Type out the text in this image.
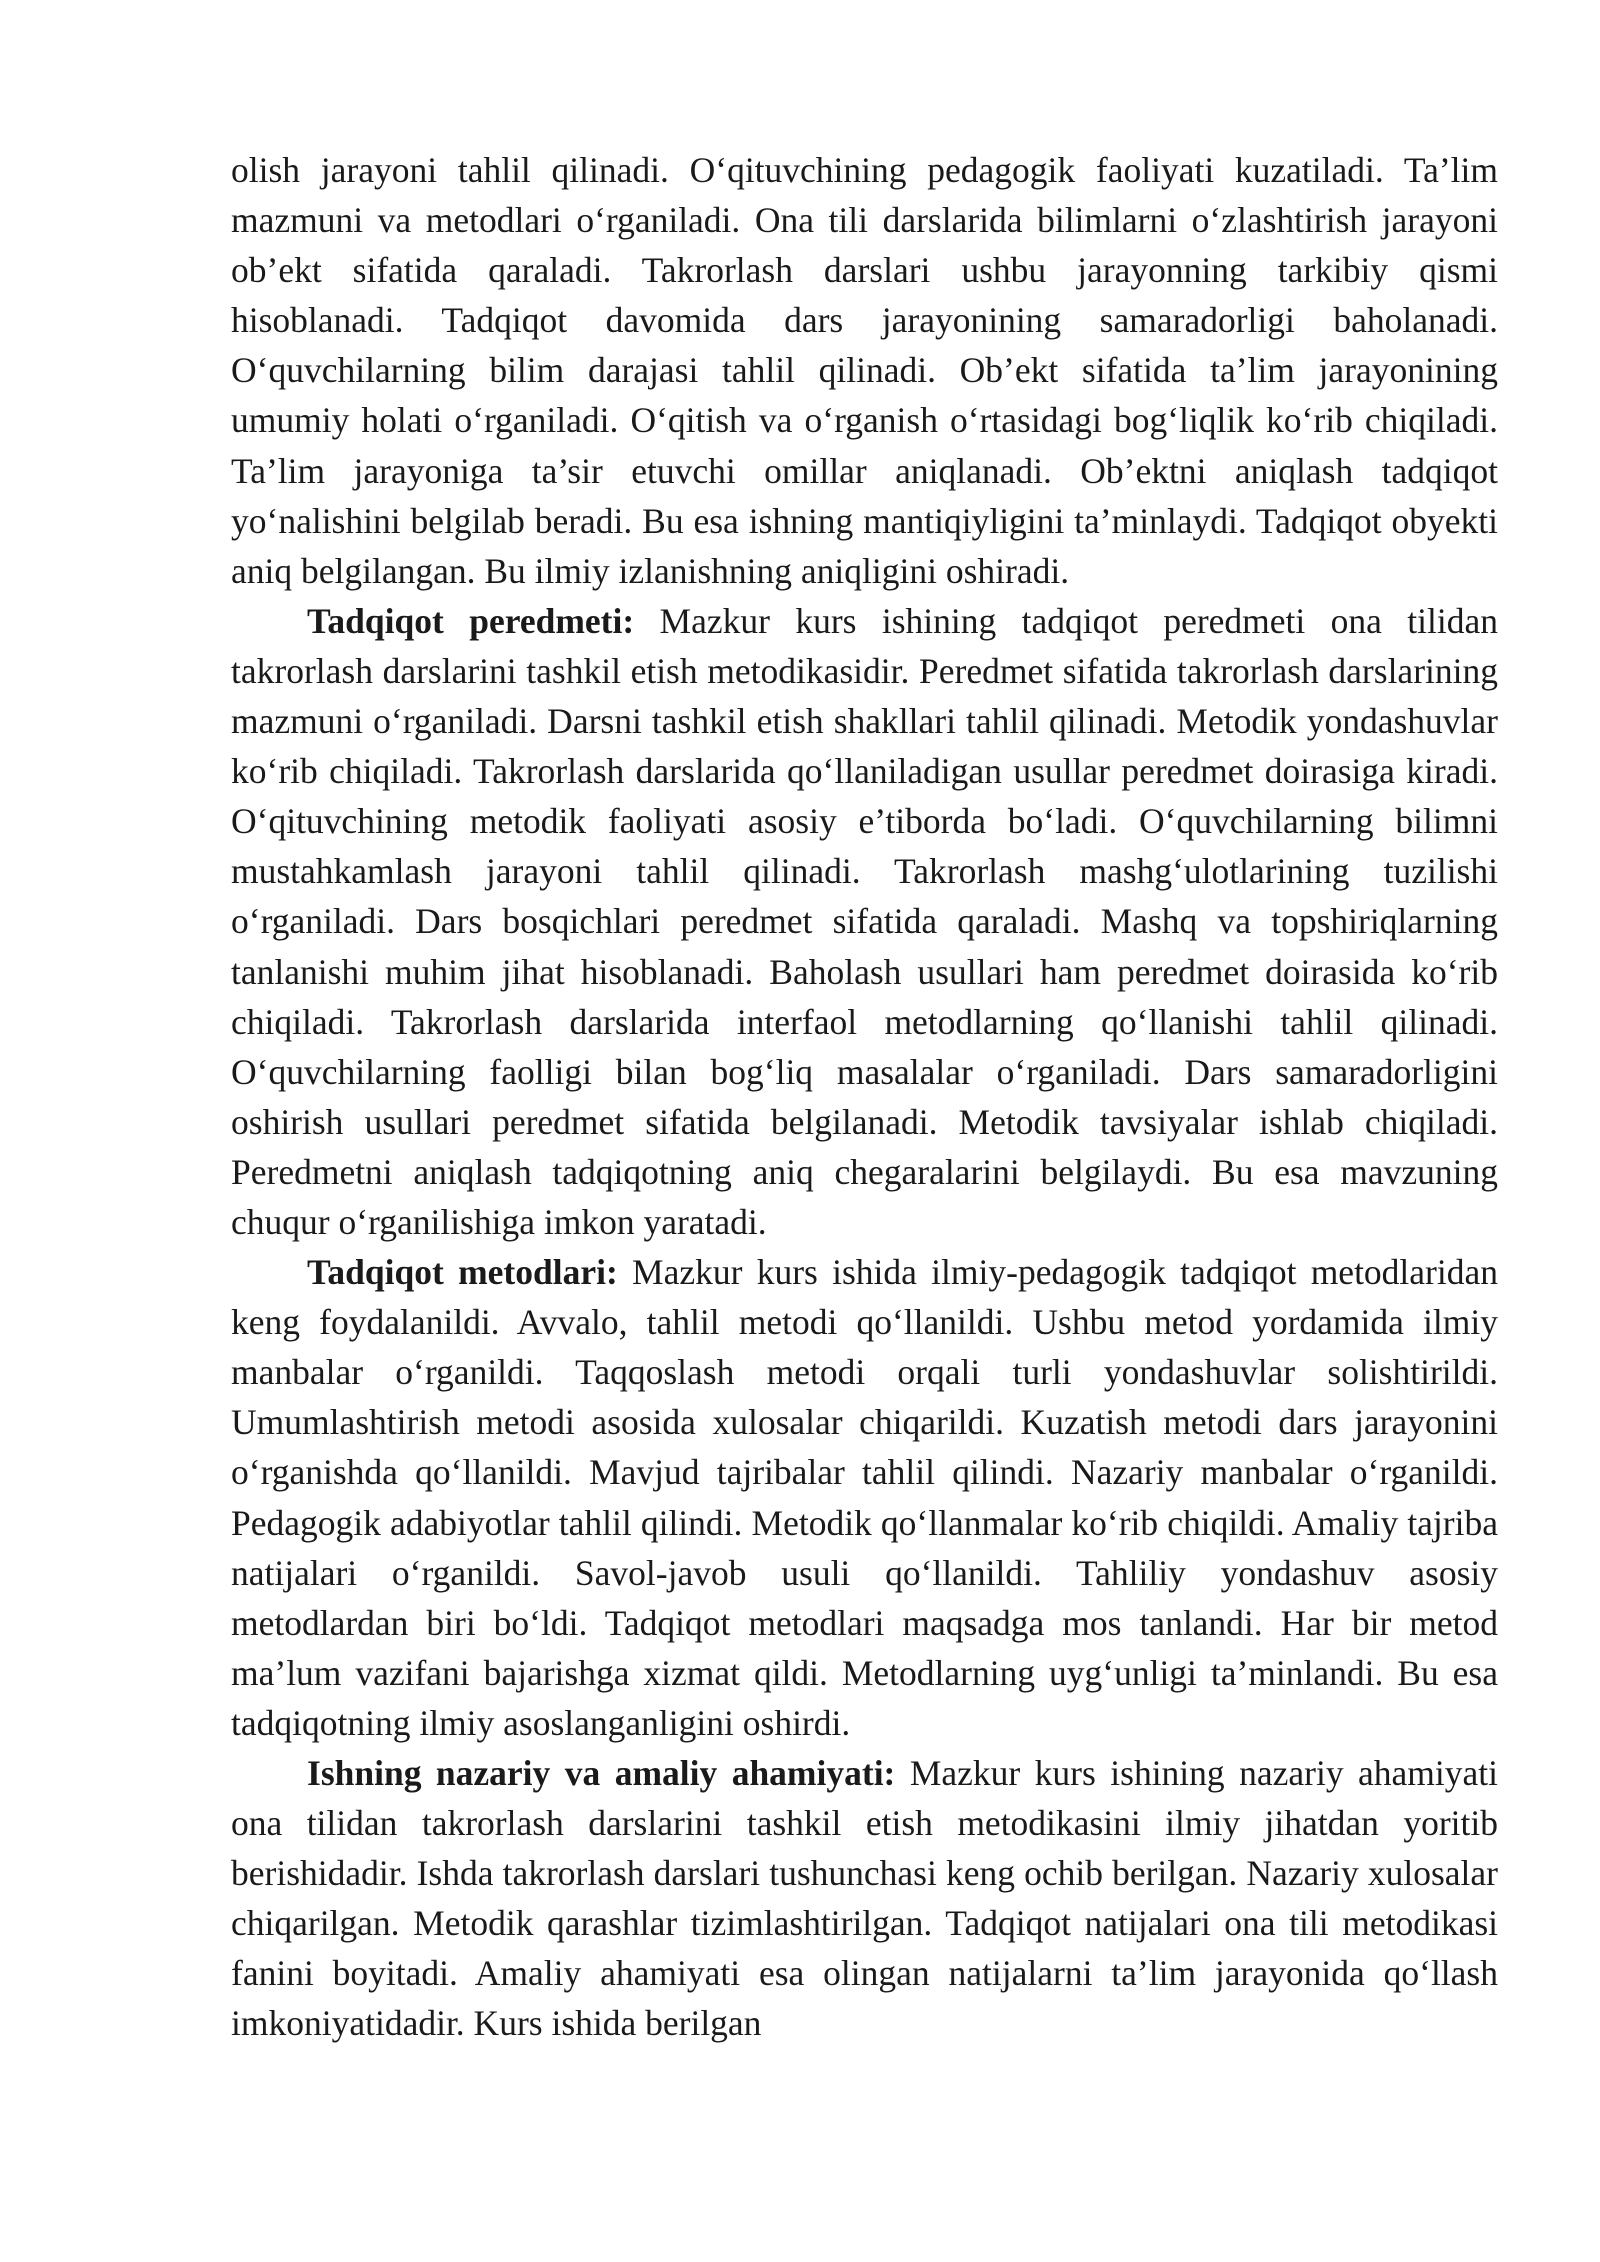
olish jarayoni tahlil qilinadi. O‘qituvchining pedagogik faoliyati kuzatiladi. Ta’lim mazmuni va metodlari o‘rganiladi. Ona tili darslarida bilimlarni o‘zlashtirish jarayoni ob’ekt sifatida qaraladi. Takrorlash darslari ushbu jarayonning tarkibiy qismi hisoblanadi. Tadqiqot davomida dars jarayonining samaradorligi baholanadi. O‘quvchilarning bilim darajasi tahlil qilinadi. Ob’ekt sifatida ta’lim jarayonining umumiy holati o‘rganiladi. O‘qitish va o‘rganish o‘rtasidagi bog‘liqlik ko‘rib chiqiladi. Ta’lim jarayoniga ta’sir etuvchi omillar aniqlanadi. Ob’ektni aniqlash tadqiqot yo‘nalishini belgilab beradi. Bu esa ishning mantiqiyligini ta’minlaydi. Tadqiqot obyekti aniq belgilangan. Bu ilmiy izlanishning aniqligini oshiradi.

Tadqiqot peredmeti: Mazkur kurs ishining tadqiqot peredmeti ona tilidan takrorlash darslarini tashkil etish metodikasidir. Peredmet sifatida takrorlash darslarining mazmuni o‘rganiladi. Darsni tashkil etish shakllari tahlil qilinadi. Metodik yondashuvlar ko‘rib chiqiladi. Takrorlash darslarida qo‘llaniladigan usullar peredmet doirasiga kiradi. O‘qituvchining metodik faoliyati asosiy e’tiborda bo‘ladi. O‘quvchilarning bilimni mustahkamlash jarayoni tahlil qilinadi. Takrorlash mashg‘ulotlarining tuzilishi o‘rganiladi. Dars bosqichlari peredmet sifatida qaraladi. Mashq va topshiriqlarning tanlanishi muhim jihat hisoblanadi. Baholash usullari ham peredmet doirasida ko‘rib chiqiladi. Takrorlash darslarida interfaol metodlarning qo‘llanishi tahlil qilinadi. O‘quvchilarning faolligi bilan bog‘liq masalalar o‘rganiladi. Dars samaradorligini oshirish usullari peredmet sifatida belgilanadi. Metodik tavsiyalar ishlab chiqiladi. Peredmetni aniqlash tadqiqotning aniq chegaralarini belgilaydi. Bu esa mavzuning chuqur o‘rganilishiga imkon yaratadi.

Tadqiqot metodlari: Mazkur kurs ishida ilmiy-pedagogik tadqiqot metodlaridan keng foydalanildi. Avvalo, tahlil metodi qo‘llanildi. Ushbu metod yordamida ilmiy manbalar o‘rganildi. Taqqoslash metodi orqali turli yondashuvlar solishtirildi. Umumlashtirish metodi asosida xulosalar chiqarildi. Kuzatish metodi dars jarayonini o‘rganishda qo‘llanildi. Mavjud tajribalar tahlil qilindi. Nazariy manbalar o‘rganildi. Pedagogik adabiyotlar tahlil qilindi. Metodik qo‘llanmalar ko‘rib chiqildi. Amaliy tajriba natijalari o‘rganildi. Savol-javob usuli qo‘llanildi. Tahliliy yondashuv asosiy metodlardan biri bo‘ldi. Tadqiqot metodlari maqsadga mos tanlandi. Har bir metod ma’lum vazifani bajarishga xizmat qildi. Metodlarning uyg‘unligi ta’minlandi. Bu esa tadqiqotning ilmiy asoslanganligini oshirdi.

Ishning nazariy va amaliy ahamiyati: Mazkur kurs ishining nazariy ahamiyati ona tilidan takrorlash darslarini tashkil etish metodikasini ilmiy jihatdan yoritib berishidadir. Ishda takrorlash darslari tushunchasi keng ochib berilgan. Nazariy xulosalar chiqarilgan. Metodik qarashlar tizimlashtirilgan. Tadqiqot natijalari ona tili metodikasi fanini boyitadi. Amaliy ahamiyati esa olingan natijalarni ta’lim jarayonida qo‘llash imkoniyatidadir. Kurs ishida berilgan
